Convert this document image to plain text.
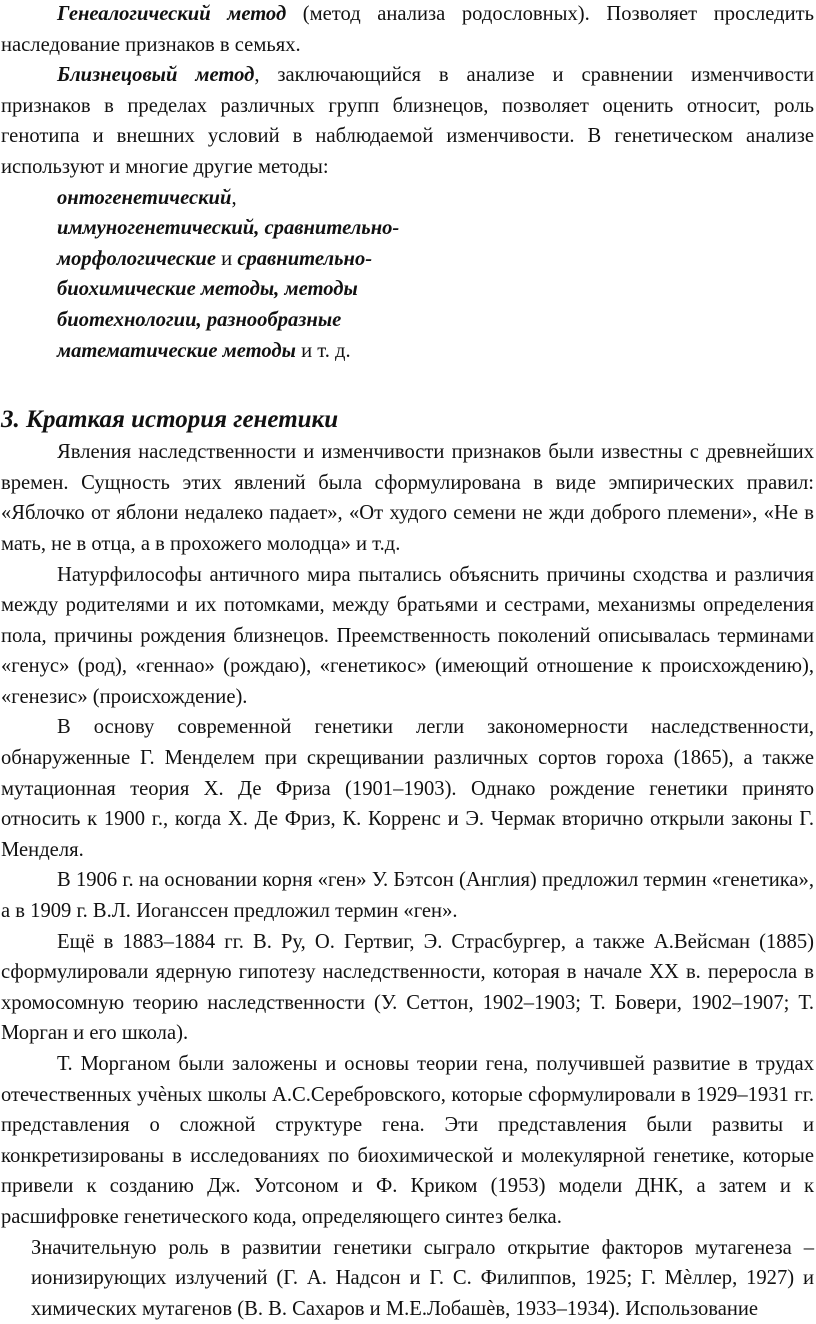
Генеалогический метод (метод анализа родословных). Позволяет проследить наследование признаков в семьях.

Близнецовый метод, заключающийся в анализе и сравнении изменчивости признаков в пределах различных групп близнецов, позволяет оценить относит, роль генотипа и внешних условий в наблюдаемой изменчивости. В генетическом анализе используют и многие другие методы:

онтогенетический,
иммуногенетический, сравнительно-
морфологические и сравнительно-
биохимические методы, методы
биотехнологии, разнообразные
математические методы и т. д.
3. Краткая история генетики

Явления наследственности и изменчивости признаков были известны с древнейших времен. Сущность этих явлений была сформулирована в виде эмпирических правил: «Яблочко от яблони недалеко падает», «От худого семени не жди доброго племени», «Не в мать, не в отца, а в прохожего молодца» и т.д.

Натурфилософы античного мира пытались объяснить причины сходства и различия между родителями и их потомками, между братьями и сестрами, механизмы определения пола, причины рождения близнецов. Преемственность поколений описывалась терминами «генус» (род), «геннао» (рождаю), «генетикос» (имеющий отношение к происхождению), «генезис» (происхождение).

В основу современной генетики легли закономерности наследственности, обнаруженные Г. Менделем при скрещивании различных сортов гороха (1865), а также мутационная теория Х. Де Фриза (1901–1903). Однако рождение генетики принято относить к 1900 г., когда Х. Де Фриз, К. Корренс и Э. Чермак вторично открыли законы Г. Менделя.

В 1906 г. на основании корня «ген» У. Бэтсон (Англия) предложил термин «генетика», а в 1909 г. В.Л. Иоганссен предложил термин «ген».

Ещё в 1883–1884 гг. В. Ру, О. Гертвиг, Э. Страсбургер, а также А.Вейсман (1885) сформулировали ядерную гипотезу наследственности, которая в начале XX в. переросла в хромосомную теорию наследственности (У. Сеттон, 1902–1903; Т. Бовери, 1902–1907; Т. Морган и его школа).

Т. Морганом были заложены и основы теории гена, получившей развитие в трудах отечественных учѐных школы А.С.Серебровского, которые сформулировали в 1929–1931 гг. представления о сложной структуре гена. Эти представления были развиты и конкретизированы в исследованиях по биохимической и молекулярной генетике, которые привели к созданию Дж. Уотсоном и Ф. Криком (1953) модели ДНК, а затем и к расшифровке генетического кода, определяющего синтез белка.

Значительную роль в развитии генетики сыграло открытие факторов мутагенеза – ионизирующих излучений (Г. А. Надсон и Г. С. Филиппов, 1925; Г. Мѐллер, 1927) и химических мутагенов (В. В. Сахаров и М.Е.Лобашѐв, 1933–1934). Использование
